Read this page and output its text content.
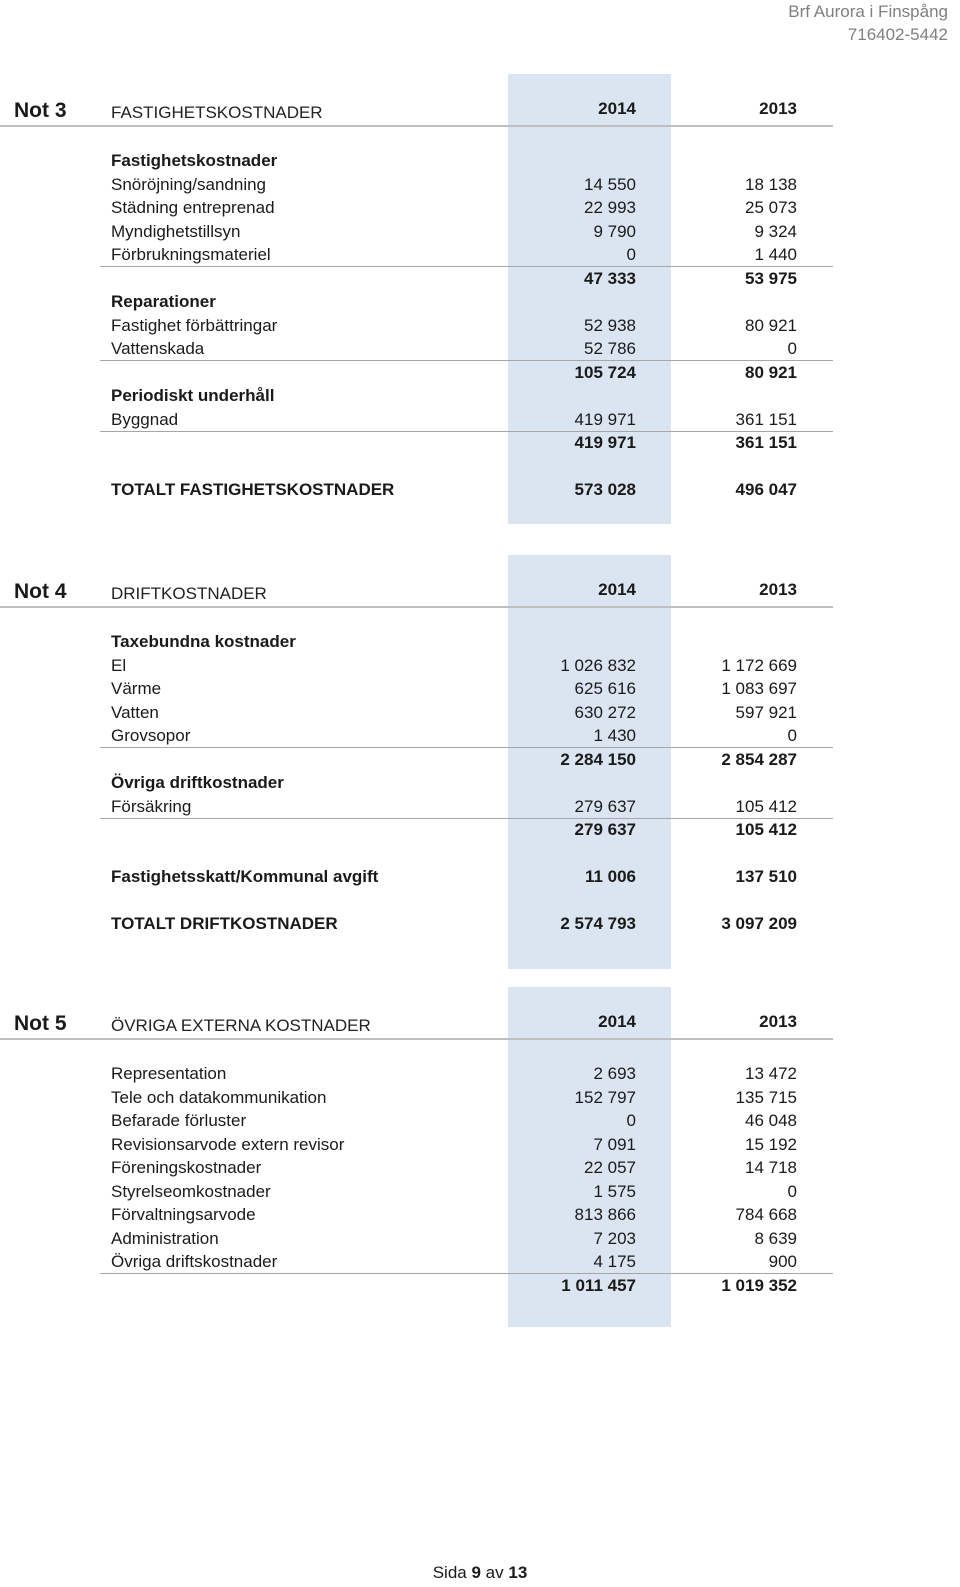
Brf Aurora i Finspång
716402-5442
Not 3	FASTIGHETSKOSTNADER	2014	2013
Fastighetskostnader
Snöröjning/sandning	14 550	18 138
Städning entreprenad	22 993	25 073
Myndighetstillsyn	9 790	9 324
Förbrukningsmateriel	0	1 440
47 333	53 975
Reparationer
Fastighet förbättringar	52 938	80 921
Vattenskada	52 786	0
105 724	80 921
Periodiskt underhåll
Byggnad	419 971	361 151
419 971	361 151
TOTALT FASTIGHETSKOSTNADER	573 028	496 047
Not 4	DRIFTKOSTNADER	2014	2013
Taxebundna kostnader
El	1 026 832	1 172 669
Värme	625 616	1 083 697
Vatten	630 272	597 921
Grovsopor	1 430	0
2 284 150	2 854 287
Övriga driftkostnader
Försäkring	279 637	105 412
279 637	105 412
Fastighetsskatt/Kommunal avgift	11 006	137 510
TOTALT DRIFTKOSTNADER	2 574 793	3 097 209
Not 5	ÖVRIGA EXTERNA KOSTNADER	2014	2013
Representation	2 693	13 472
Tele och datakommunikation	152 797	135 715
Befarade förluster	0	46 048
Revisionsarvode extern revisor	7 091	15 192
Föreningskostnader	22 057	14 718
Styrelseomkostnader	1 575	0
Förvaltningsarvode	813 866	784 668
Administration	7 203	8 639
Övriga driftskostnader	4 175	900
1 011 457	1 019 352
Sida 9 av 13
